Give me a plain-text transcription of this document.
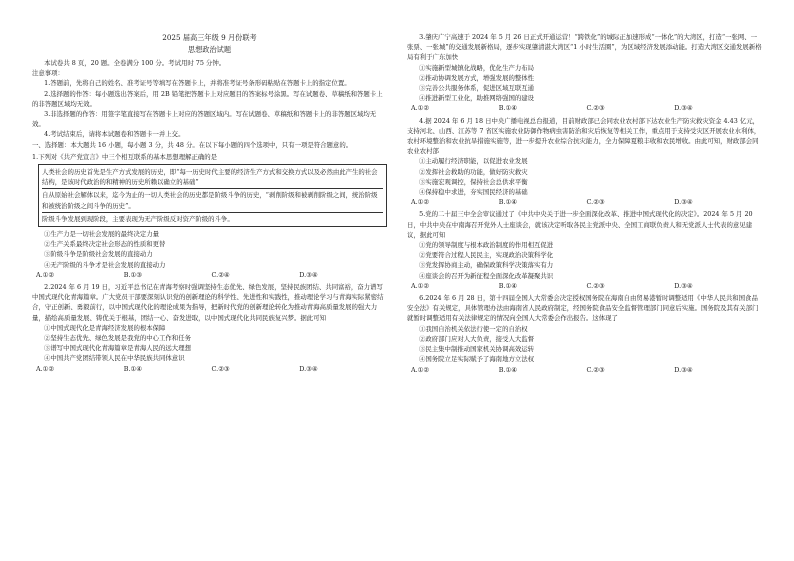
2025 届高三年级 9 月份联考
思想政治试题

本试卷共 8 页，20 题。全卷满分 100 分。考试用时 75 分钟。

注意事项：

1.答题前，先将自己的姓名、准考证号等填写在答题卡上，并将准考证号条形码粘贴在答题卡上的指定位置。

2.选择题的作答：每小题选出答案后，用 2B 铅笔把答题卡上对应题目的答案标号涂黑。写在试题卷、草稿纸和答题卡上的非答题区域均无效。

3.非选择题的作答：用签字笔直接写在答题卡上对应的答题区域内。写在试题卷、草稿纸和答题卡上的非答题区域均无效。

4.考试结束后，请将本试题卷和答题卡一并上交。

一、选择题：本大题共 16 小题，每小题 3 分，共 48 分。在以下每小题的四个选项中，只有一项是符合题意的。

1.下列对《共产党宣言》中三个相互联系的基本思想理解正确的是

人类社会的历史首先是生产方式发展的历史，即“每一历史时代主要的经济生产方式和交换方式以及必然由此产生的社会结构，是该时代政治的和精神的历史所赖以确立的基础”
自从原始社会解体以来，迄今为止的一切人类社会的历史都是阶级斗争的历史，“剥削阶级和被剥削阶级之间，统治阶级和被统治阶级之间斗争的历史”。
阶级斗争发展到现阶段，主要表现为无产阶级反对资产阶级的斗争。

①生产力是一切社会发展的最终决定力量

②生产关系最终决定社会形态的性质和更替

③阶级斗争是阶级社会发展的直接动力

④无产阶级的斗争才是社会发展的直接动力

A.①②	B.①③	C.②④	D.③④

2.2024 年 6 月 19 日，习近平总书记在青海考察时强调坚持生态优先、绿色发展，坚持民族团结、共同富裕，奋力谱写中国式现代化青海篇章。广大党员干部要深刻认识党的创新理论的科学性、先进性和实践性，推动理论学习与青海实际紧密结合，守正创新、勇毅前行，以中国式现代化的理论成果为指导，把新时代党的创新理论转化为推动青海高质量发展的强大力量，描绘高质量发展、铸优关于根基，团结一心、奋发进取，以中国式现代化共同民族复兴梦。据此可知

①中国式现代化是青海经济发展的根本保障

②坚持生态优先、绿色发展是我党的中心工作和任务

③谱写中国式现代化青海篇章是青海人民的远大理想

④中国共产党团结带领人民在中华民族共同体意识

A.①②	B.①④	C.②③	D.③④

3.肇庆广宁高速于 2024 年 5 月 26 日正式开通运营！“跨铁化”的城际正加速形成“一体化”的大湾区，打造“一张网、一张票、一张城”的交通发展新格局，逐步实现肇清湛大湾区“1 小时生活圈”，为区域经济发展添动能。打造大湾区交通发展新格局有利于广东加快

①实施新型城镇化战略，优化生产力布局

②推动协调发展方式，增强发展的整体性

③完善公共服务体系，促进区域互联互通

④推进新型工业化，助推网络强国的建设

A.①②	B.①④	C.②③	D.③④

4.据 2024 年 6 月 18 日中央广播电视总台报道，目前财政部已会同农业农村部下达农业生产防灾救灾资金 4.43 亿元，支持河北、山西、江苏等 7 省区实施农业防御作物病虫害防治和灾后恢复等相关工作，重点用于支持受灾区开展农业水利体，农村环境整治和农业抗旱措施实施等，进一步提升农业综合抗灾能力，全力保障夏粮丰收和农民增收。由此可知，财政部会同农业农村部

①主动履行经济职能，以促进农业发展

②发挥社会救助的功能，做好防灾救灾

③实施宏观调控，保持社会总供求平衡

④保持稳中求进，夯实国民经济的基础

A.①②	B.①④	C.②③	D.③④

5.党的二十届三中全会审议通过了《中共中央关于进一步全面深化改革、推进中国式现代化的决定》。2024 年 5 月 20 日，中共中央在中南海召开党外人士座谈会，就该决定听取各民主党派中央、全国工商联负责人和无党派人士代表的意见建议，据此可知

①党的领导制度与根本政治制度的作用相互促进

②党要符合过程人民民主，实现政治决策科学化

③党发挥协商主动，确保政策科学决策落实有力

④座谈会的召开为新征程全面深化改革凝聚共识

A.①②	B.①④	C.②③	D.③④

6.2024 年 6 月 28 日，第十四届全国人大常委会决定授权国务院在海南自由贸易港暂时调整适用《中华人民共和国食品安全法》有关规定，具体管理办法由海南省人民政府制定，经国务院食品安全监督管理部门同意后实施。国务院及其有关部门就暂时调整适用有关法律规定的情况向全国人大常委会作出报告。这体现了

①我国自治机关依法行使一定的自治权

②政府部门应对人大负责，接受人大监督

③民主集中制推动国家机关协调高效运转

④国务院立足实际赋予了海南地方立法权

A.①②	B.①④	C.②③	D.③④
